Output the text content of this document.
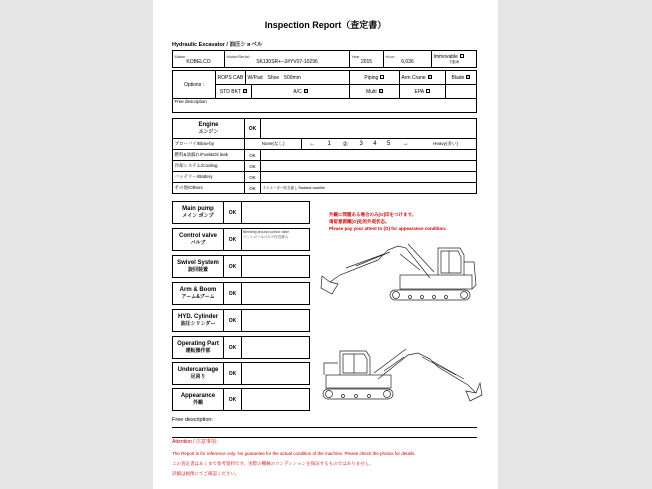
Inspection Report（査定書）
Hydraulic Excavator / 油圧ショベル
Maker :
KOBELCO

Model/Serial :
SK130SR+--3#YV07-10296

Year :
2015

Hour :
6,036

Immovable
不動車
Options :	ROPS CAB	W/Pad　Shoe　500mm		Piping	Arm Crane✓	Blade✓
	STD BKT✓		A/C✓	Multi✓	EPA	
Free description						
Engine
エンジン	OK									
ブローバイ/Blow-by	None(なし)		←	1	②	3	4	5	→	Heavy(多い)
燃料&油漏れ/Fuel&Oil leak	OK									
冷却システム/Cooling	OK									
バッテリー/Battery	OK									
その他/Others	OK	ラジエーター吹き漏し Radiator backfire								
Main pump
メイン ポンプ
OK
Control valve
バルブ
OK
Bleeding around control valve
コントロールバルブ付近滲み
Swivel System
旋回装置
OK
Arm & Boom
アーム&ブーム
OK
HYD. Cylinder
油圧シリンダー
OK
Operating Part
運転操作部
OK
Undercarriage
足回り
OK
Appearance
外観
OK
外観に問題ある場合のみ[O]印をつけます。
请留意圆圈[O]处的外观状态。
Please pay your attent to (O) for appearance condition.
Free description:
Attention / 注意事項：
The Report is for reference only. No guarantee for the actual condition of the machine. Please check the photos for details.
この査定書はあくまで参考資料です。実際の機械のコンディションを保証するものではありません。
詳細は画像にてご確認ください。
